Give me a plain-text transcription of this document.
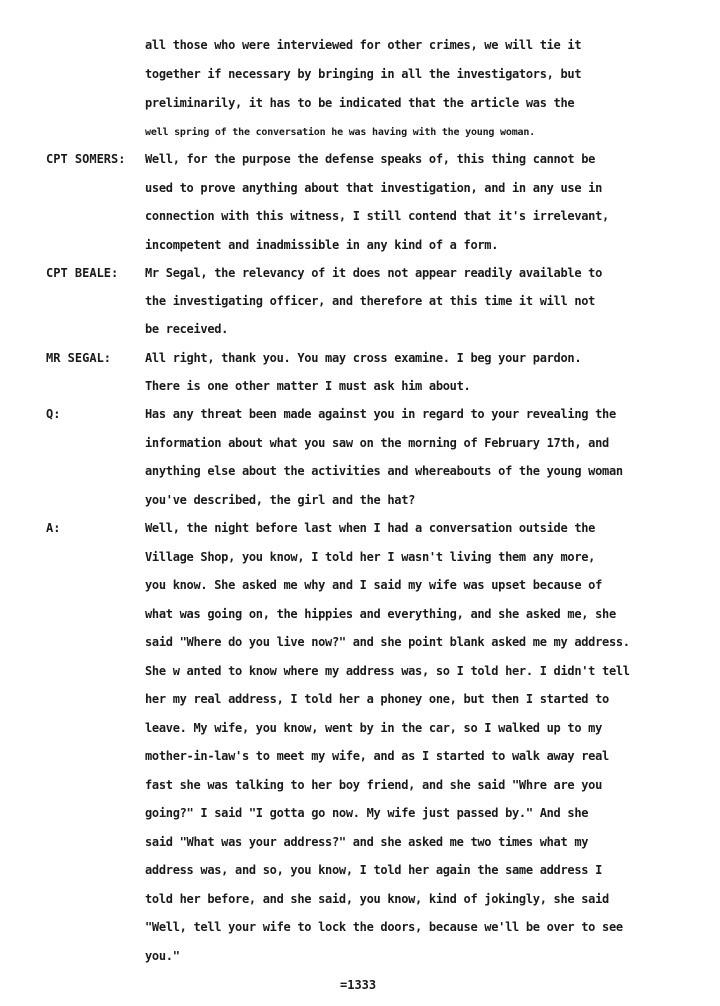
all those who were interviewed for other crimes, we will tie it
together if necessary by bringing in all the investigators, but
preliminarily, it has to be indicated that the article was the
well spring of the conversation he was having with the young woman.
CPT SOMERS: Well, for the purpose the defense speaks of, this thing cannot be
used to prove anything about that investigation, and in any use in
connection with this witness, I still contend that it's irrelevant,
incompetent and inadmissible in any kind of a form.
CPT BEALE: Mr Segal, the relevancy of it does not appear readily available to
the investigating officer, and therefore at this time it will not
be received.
MR SEGAL:	All right, thank you. You may cross examine. I beg your pardon.
There is one other matter I must ask him about.
Q:	Has any threat been made against you in regard to your revealing the
information about what you saw on the morning of February 17th, and
anything else about the activities and whereabouts of the young woman
you've described, the girl and the hat?
A:	Well, the night before last when I had a conversation outside the
Village Shop, you know, I told her I wasn't living them any more,
you know. She asked me why and I said my wife was upset because of
what was going on, the hippies and everything, and she asked me, she
said "Where do you live now?" and she point blank asked me my address.
She w anted to know where my address was, so I told her. I didn't tell
her my real address, I told her a phoney one, but then I started to
leave. My wife, you know, went by in the car, so I walked up to my
mother-in-law's to meet my wife, and as I started to walk away real
fast she was talking to her boy friend, and she said "Whre are you
going?" I said "I gotta go now. My wife just passed by." And she
said "What was your address?" and she asked me two times what my
address was, and so, you know, I told her again the same address I
told her before, and she said, you know, kind of jokingly, she said
"Well, tell your wife to lock the doors, because we'll be over to see
you."
=1333
